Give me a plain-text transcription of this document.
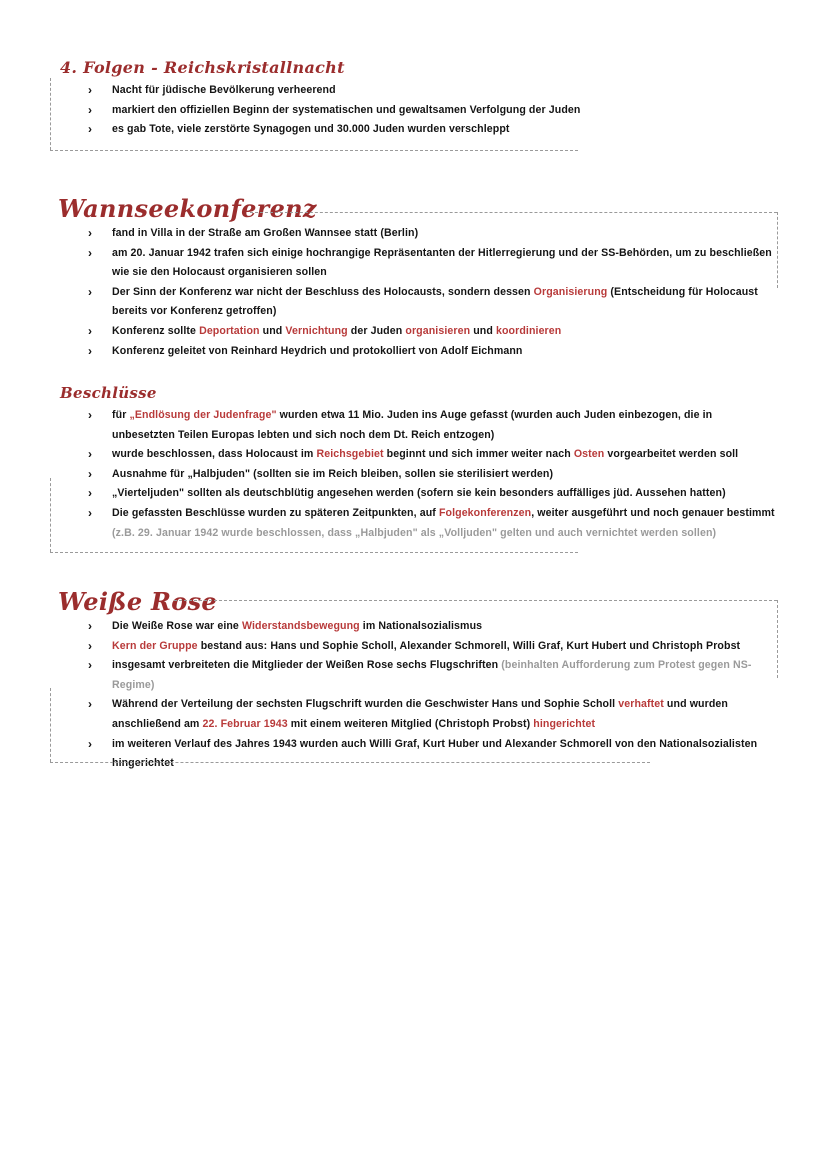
4. Folgen - Reichskristallnacht
› Nacht für jüdische Bevölkerung verheerend
› markiert den offiziellen Beginn der systematischen und gewaltsamen Verfolgung der Juden
› es gab Tote, viele zerstörte Synagogen und 30.000 Juden wurden verschleppt
Wannseekonferenz
› fand in Villa in der Straße am Großen Wannsee statt (Berlin)
› am 20. Januar 1942 trafen sich einige hochrangige Repräsentanten der Hitlerregierung und der SS-Behörden, um zu beschließen wie sie den Holocaust organisieren sollen
› Der Sinn der Konferenz war nicht der Beschluss des Holocausts, sondern dessen Organisierung (Entscheidung für Holocaust bereits vor Konferenz getroffen)
› Konferenz sollte Deportation und Vernichtung der Juden organisieren und koordinieren
› Konferenz geleitet von Reinhard Heydrich und protokolliert von Adolf Eichmann
Beschlüsse
› für „Endlösung der Judenfrage" wurden etwa 11 Mio. Juden ins Auge gefasst (wurden auch Juden einbezogen, die in unbesetzten Teilen Europas lebten und sich noch dem Dt. Reich entzogen)
› wurde beschlossen, dass Holocaust im Reichsgebiet beginnt und sich immer weiter nach Osten vorgearbeitet werden soll
› Ausnahme für „Halbjuden" (sollten sie im Reich bleiben, sollen sie sterilisiert werden)
› „Vierteljuden" sollten als deutschblütig angesehen werden (sofern sie kein besonders auffälliges jüd. Aussehen hatten)
› Die gefassten Beschlüsse wurden zu späteren Zeitpunkten, auf Folgekonferenzen, weiter ausgeführt und noch genauer bestimmt (z.B. 29. Januar 1942 wurde beschlossen, dass „Halbjuden" als „Volljuden" gelten und auch vernichtet werden sollen)
Weiße Rose
› Die Weiße Rose war eine Widerstandsbewegung im Nationalsozialismus
› Kern der Gruppe bestand aus: Hans und Sophie Scholl, Alexander Schmorell, Willi Graf, Kurt Hubert und Christoph Probst
› insgesamt verbreiteten die Mitglieder der Weißen Rose sechs Flugschriften (beinhalten Aufforderung zum Protest gegen NS-Regime)
› Während der Verteilung der sechsten Flugschrift wurden die Geschwister Hans und Sophie Scholl verhaftet und wurden anschließend am 22. Februar 1943 mit einem weiteren Mitglied (Christoph Probst) hingerichtet
› im weiteren Verlauf des Jahres 1943 wurden auch Willi Graf, Kurt Huber und Alexander Schmorell von den Nationalsozialisten hingerichtet
